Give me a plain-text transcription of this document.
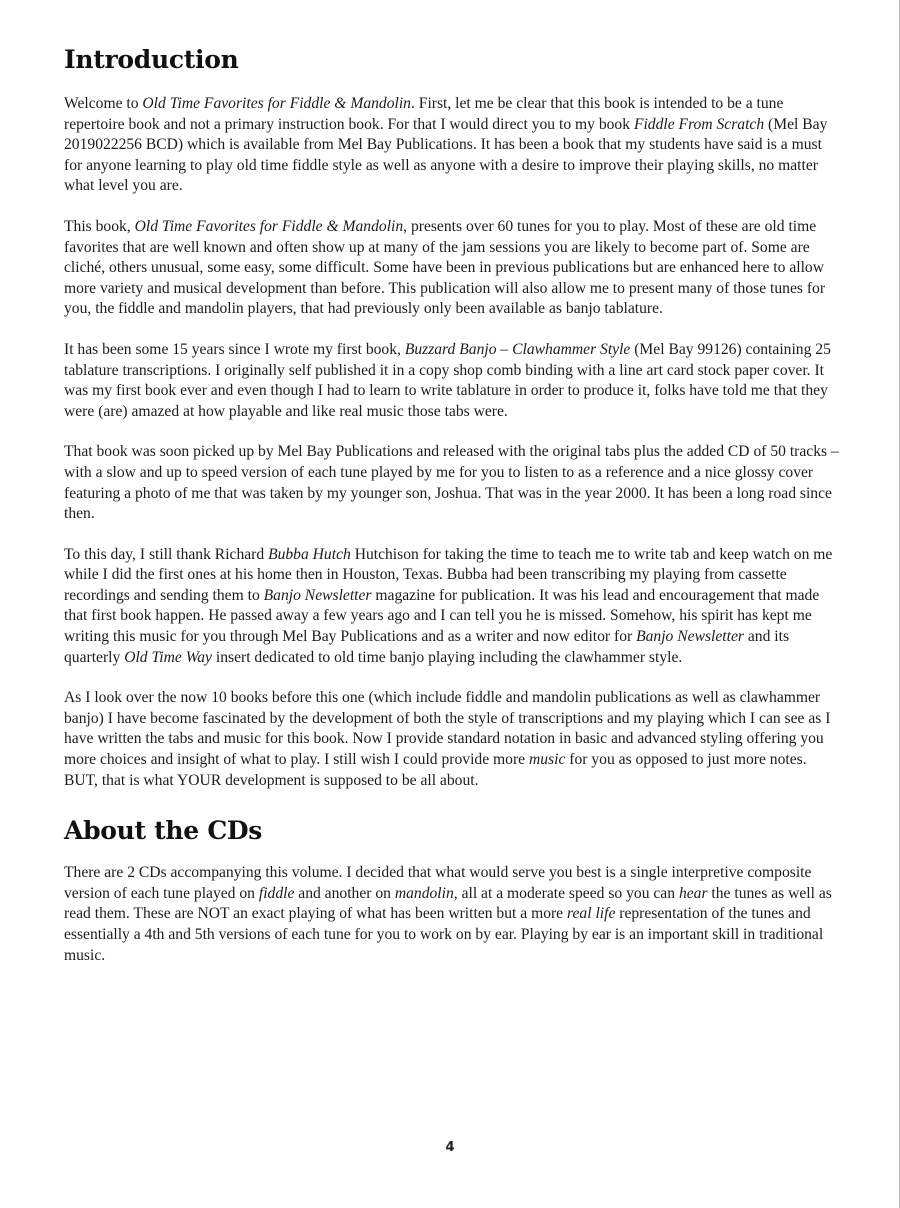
Introduction

Welcome to Old Time Favorites for Fiddle & Mandolin. First, let me be clear that this book is intended to be a tune repertoire book and not a primary instruction book. For that I would direct you to my book Fiddle From Scratch (Mel Bay 2019022256 BCD) which is available from Mel Bay Publications. It has been a book that my students have said is a must for anyone learning to play old time fiddle style as well as anyone with a desire to improve their playing skills, no matter what level you are.

This book, Old Time Favorites for Fiddle & Mandolin, presents over 60 tunes for you to play. Most of these are old time favorites that are well known and often show up at many of the jam sessions you are likely to become part of. Some are cliché, others unusual, some easy, some difficult. Some have been in previous publications but are enhanced here to allow more variety and musical development than before. This publication will also allow me to present many of those tunes for you, the fiddle and mandolin players, that had previously only been available as banjo tablature.

It has been some 15 years since I wrote my first book, Buzzard Banjo – Clawhammer Style (Mel Bay 99126) containing 25 tablature transcriptions. I originally self published it in a copy shop comb binding with a line art card stock paper cover. It was my first book ever and even though I had to learn to write tablature in order to produce it, folks have told me that they were (are) amazed at how playable and like real music those tabs were.

That book was soon picked up by Mel Bay Publications and released with the original tabs plus the added CD of 50 tracks – with a slow and up to speed version of each tune played by me for you to listen to as a reference and a nice glossy cover featuring a photo of me that was taken by my younger son, Joshua. That was in the year 2000. It has been a long road since then.

To this day, I still thank Richard Bubba Hutch Hutchison for taking the time to teach me to write tab and keep watch on me while I did the first ones at his home then in Houston, Texas. Bubba had been transcribing my playing from cassette recordings and sending them to Banjo Newsletter magazine for publication. It was his lead and encouragement that made that first book happen. He passed away a few years ago and I can tell you he is missed. Somehow, his spirit has kept me writing this music for you through Mel Bay Publications and as a writer and now editor for Banjo Newsletter and its quarterly Old Time Way insert dedicated to old time banjo playing including the clawhammer style.

As I look over the now 10 books before this one (which include fiddle and mandolin publications as well as clawhammer banjo) I have become fascinated by the development of both the style of transcriptions and my playing which I can see as I have written the tabs and music for this book. Now I provide standard notation in basic and advanced styling offering you more choices and insight of what to play. I still wish I could provide more music for you as opposed to just more notes. BUT, that is what YOUR development is supposed to be all about.

About the CDs

There are 2 CDs accompanying this volume. I decided that what would serve you best is a single interpretive composite version of each tune played on fiddle and another on mandolin, all at a moderate speed so you can hear the tunes as well as read them. These are NOT an exact playing of what has been written but a more real life representation of the tunes and essentially a 4th and 5th versions of each tune for you to work on by ear. Playing by ear is an important skill in traditional music.

4
